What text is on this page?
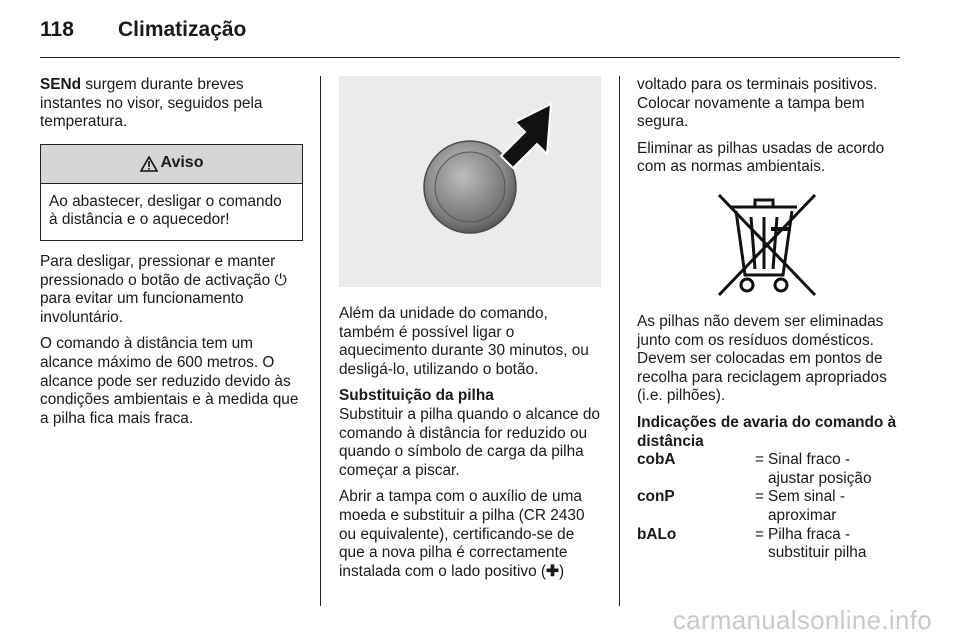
118 Climatização

SENd surgem durante breves instantes no visor, seguidos pela temperatura.

Aviso
Ao abastecer, desligar o comando à distância e o aquecedor!

Para desligar, pressionar e manter pressionado o botão de activação ⏻ para evitar um funcionamento involuntário.

O comando à distância tem um alcance máximo de 600 metros. O alcance pode ser reduzido devido às condições ambientais e à medida que a pilha fica mais fraca.

Além da unidade do comando, também é possível ligar o aquecimento durante 30 minutos, ou desligá-lo, utilizando o botão.

Substituição da pilha

Substituir a pilha quando o alcance do comando à distância for reduzido ou quando o símbolo de carga da pilha começar a piscar.

Abrir a tampa com o auxílio de uma moeda e substituir a pilha (CR 2430 ou equivalente), certificando-se de que a nova pilha é correctamente instalada com o lado positivo (✚)

voltado para os terminais positivos. Colocar novamente a tampa bem segura.

Eliminar as pilhas usadas de acordo com as normas ambientais.

As pilhas não devem ser eliminadas junto com os resíduos domésticos. Devem ser colocadas em pontos de recolha para reciclagem apropriados (i.e. pilhões).

Indicações de avaria do comando à distância

cobA	=	Sinal fraco - ajustar posição
conP	=	Sem sinal - aproximar
bALo	=	Pilha fraca - substituir pilha
carmanualsonline.info
